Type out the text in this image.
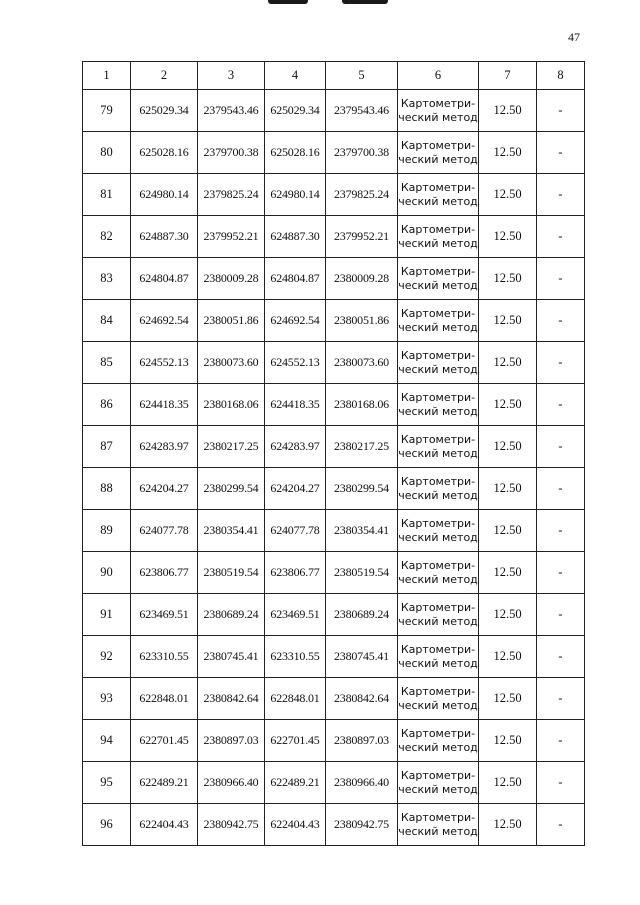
47
1	2	3	4	5	6	7	8
79	625029.34	2379543.46	625029.34	2379543.46	Картометри-ческий метод	12.50	-
80	625028.16	2379700.38	625028.16	2379700.38	Картометри-ческий метод	12.50	-
81	624980.14	2379825.24	624980.14	2379825.24	Картометри-ческий метод	12.50	-
82	624887.30	2379952.21	624887.30	2379952.21	Картометри-ческий метод	12.50	-
83	624804.87	2380009.28	624804.87	2380009.28	Картометри-ческий метод	12.50	-
84	624692.54	2380051.86	624692.54	2380051.86	Картометри-ческий метод	12.50	-
85	624552.13	2380073.60	624552.13	2380073.60	Картометри-ческий метод	12.50	-
86	624418.35	2380168.06	624418.35	2380168.06	Картометри-ческий метод	12.50	-
87	624283.97	2380217.25	624283.97	2380217.25	Картометри-ческий метод	12.50	-
88	624204.27	2380299.54	624204.27	2380299.54	Картометри-ческий метод	12.50	-
89	624077.78	2380354.41	624077.78	2380354.41	Картометри-ческий метод	12.50	-
90	623806.77	2380519.54	623806.77	2380519.54	Картометри-ческий метод	12.50	-
91	623469.51	2380689.24	623469.51	2380689.24	Картометри-ческий метод	12.50	-
92	623310.55	2380745.41	623310.55	2380745.41	Картометри-ческий метод	12.50	-
93	622848.01	2380842.64	622848.01	2380842.64	Картометри-ческий метод	12.50	-
94	622701.45	2380897.03	622701.45	2380897.03	Картометри-ческий метод	12.50	-
95	622489.21	2380966.40	622489.21	2380966.40	Картометри-ческий метод	12.50	-
96	622404.43	2380942.75	622404.43	2380942.75	Картометри-ческий метод	12.50	-
